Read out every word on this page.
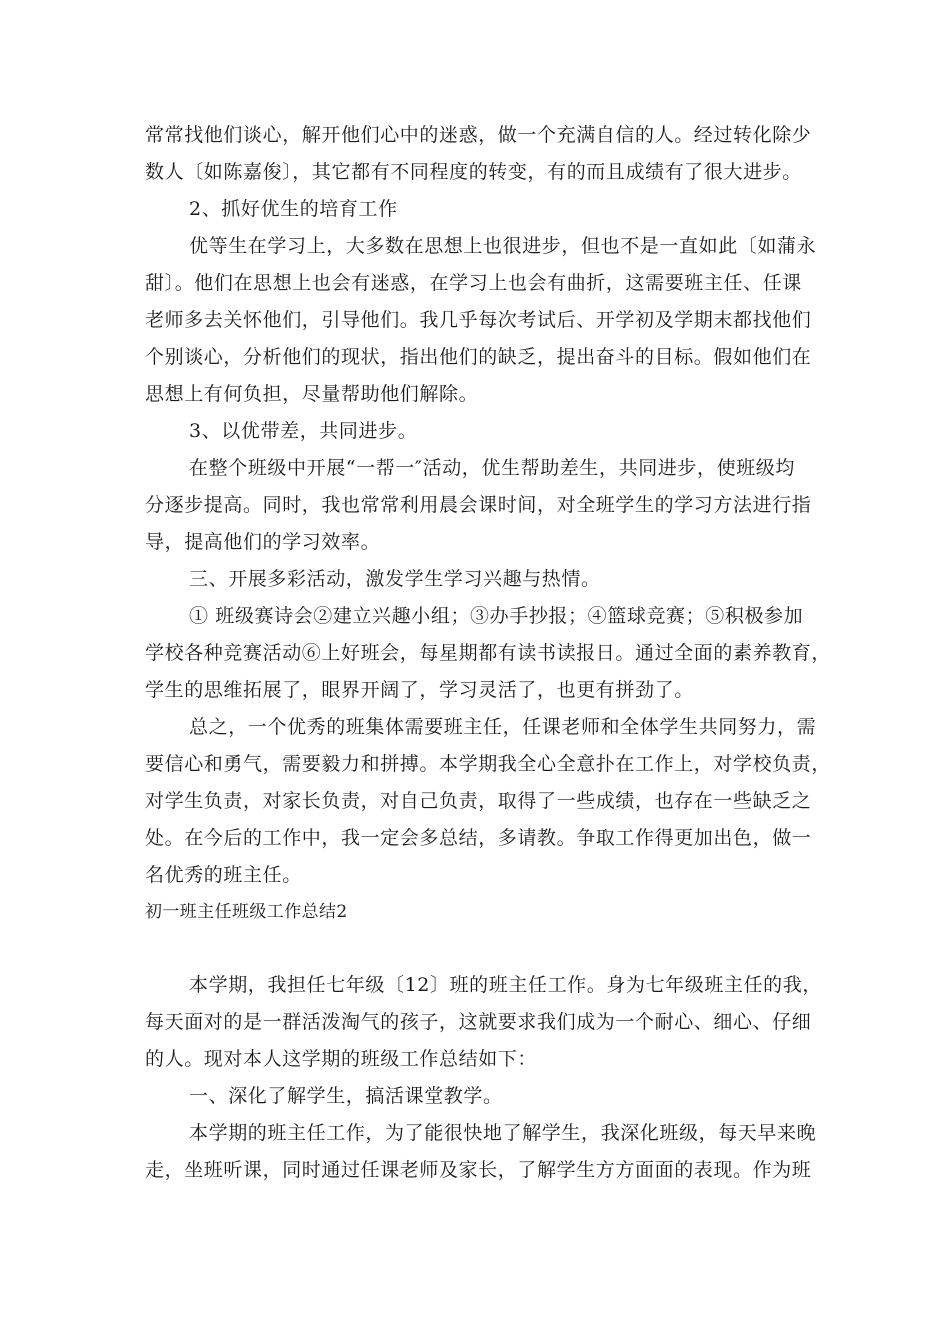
常常找他们谈心，解开他们心中的迷惑，做一个充满自信的人。经过转化除少
数人〔如陈嘉俊〕，其它都有不同程度的转变，有的而且成绩有了很大进步。
2、抓好优生的培育工作
优等生在学习上，大多数在思想上也很进步，但也不是一直如此〔如蒲永
甜〕。他们在思想上也会有迷惑，在学习上也会有曲折，这需要班主任、任课
老师多去关怀他们，引导他们。我几乎每次考试后、开学初及学期末都找他们
个别谈心，分析他们的现状，指出他们的缺乏，提出奋斗的目标。假如他们在
思想上有何负担，尽量帮助他们解除。
3、以优带差，共同进步。
在整个班级中开展“一帮一″活动，优生帮助差生，共同进步，使班级均
分逐步提高。同时，我也常常利用晨会课时间，对全班学生的学习方法进行指
导，提高他们的学习效率。
三、开展多彩活动，激发学生学习兴趣与热情。
① 班级赛诗会②建立兴趣小组；③办手抄报；④篮球竞赛；⑤积极参加
学校各种竞赛活动⑥上好班会，每星期都有读书读报日。通过全面的素养教育，
学生的思维拓展了，眼界开阔了，学习灵活了，也更有拼劲了。
总之，一个优秀的班集体需要班主任，任课老师和全体学生共同努力，需
要信心和勇气，需要毅力和拼搏。本学期我全心全意扑在工作上，对学校负责，
对学生负责，对家长负责，对自己负责，取得了一些成绩，也存在一些缺乏之
处。在今后的工作中，我一定会多总结，多请教。争取工作得更加出色，做一
名优秀的班主任。
初一班主任班级工作总结2
本学期，我担任七年级〔12〕班的班主任工作。身为七年级班主任的我，
每天面对的是一群活泼淘气的孩子，这就要求我们成为一个耐心、细心、仔细
的人。现对本人这学期的班级工作总结如下：
一、深化了解学生，搞活课堂教学。
本学期的班主任工作，为了能很快地了解学生，我深化班级，每天早来晚
走，坐班听课，同时通过任课老师及家长，了解学生方方面面的表现。作为班
